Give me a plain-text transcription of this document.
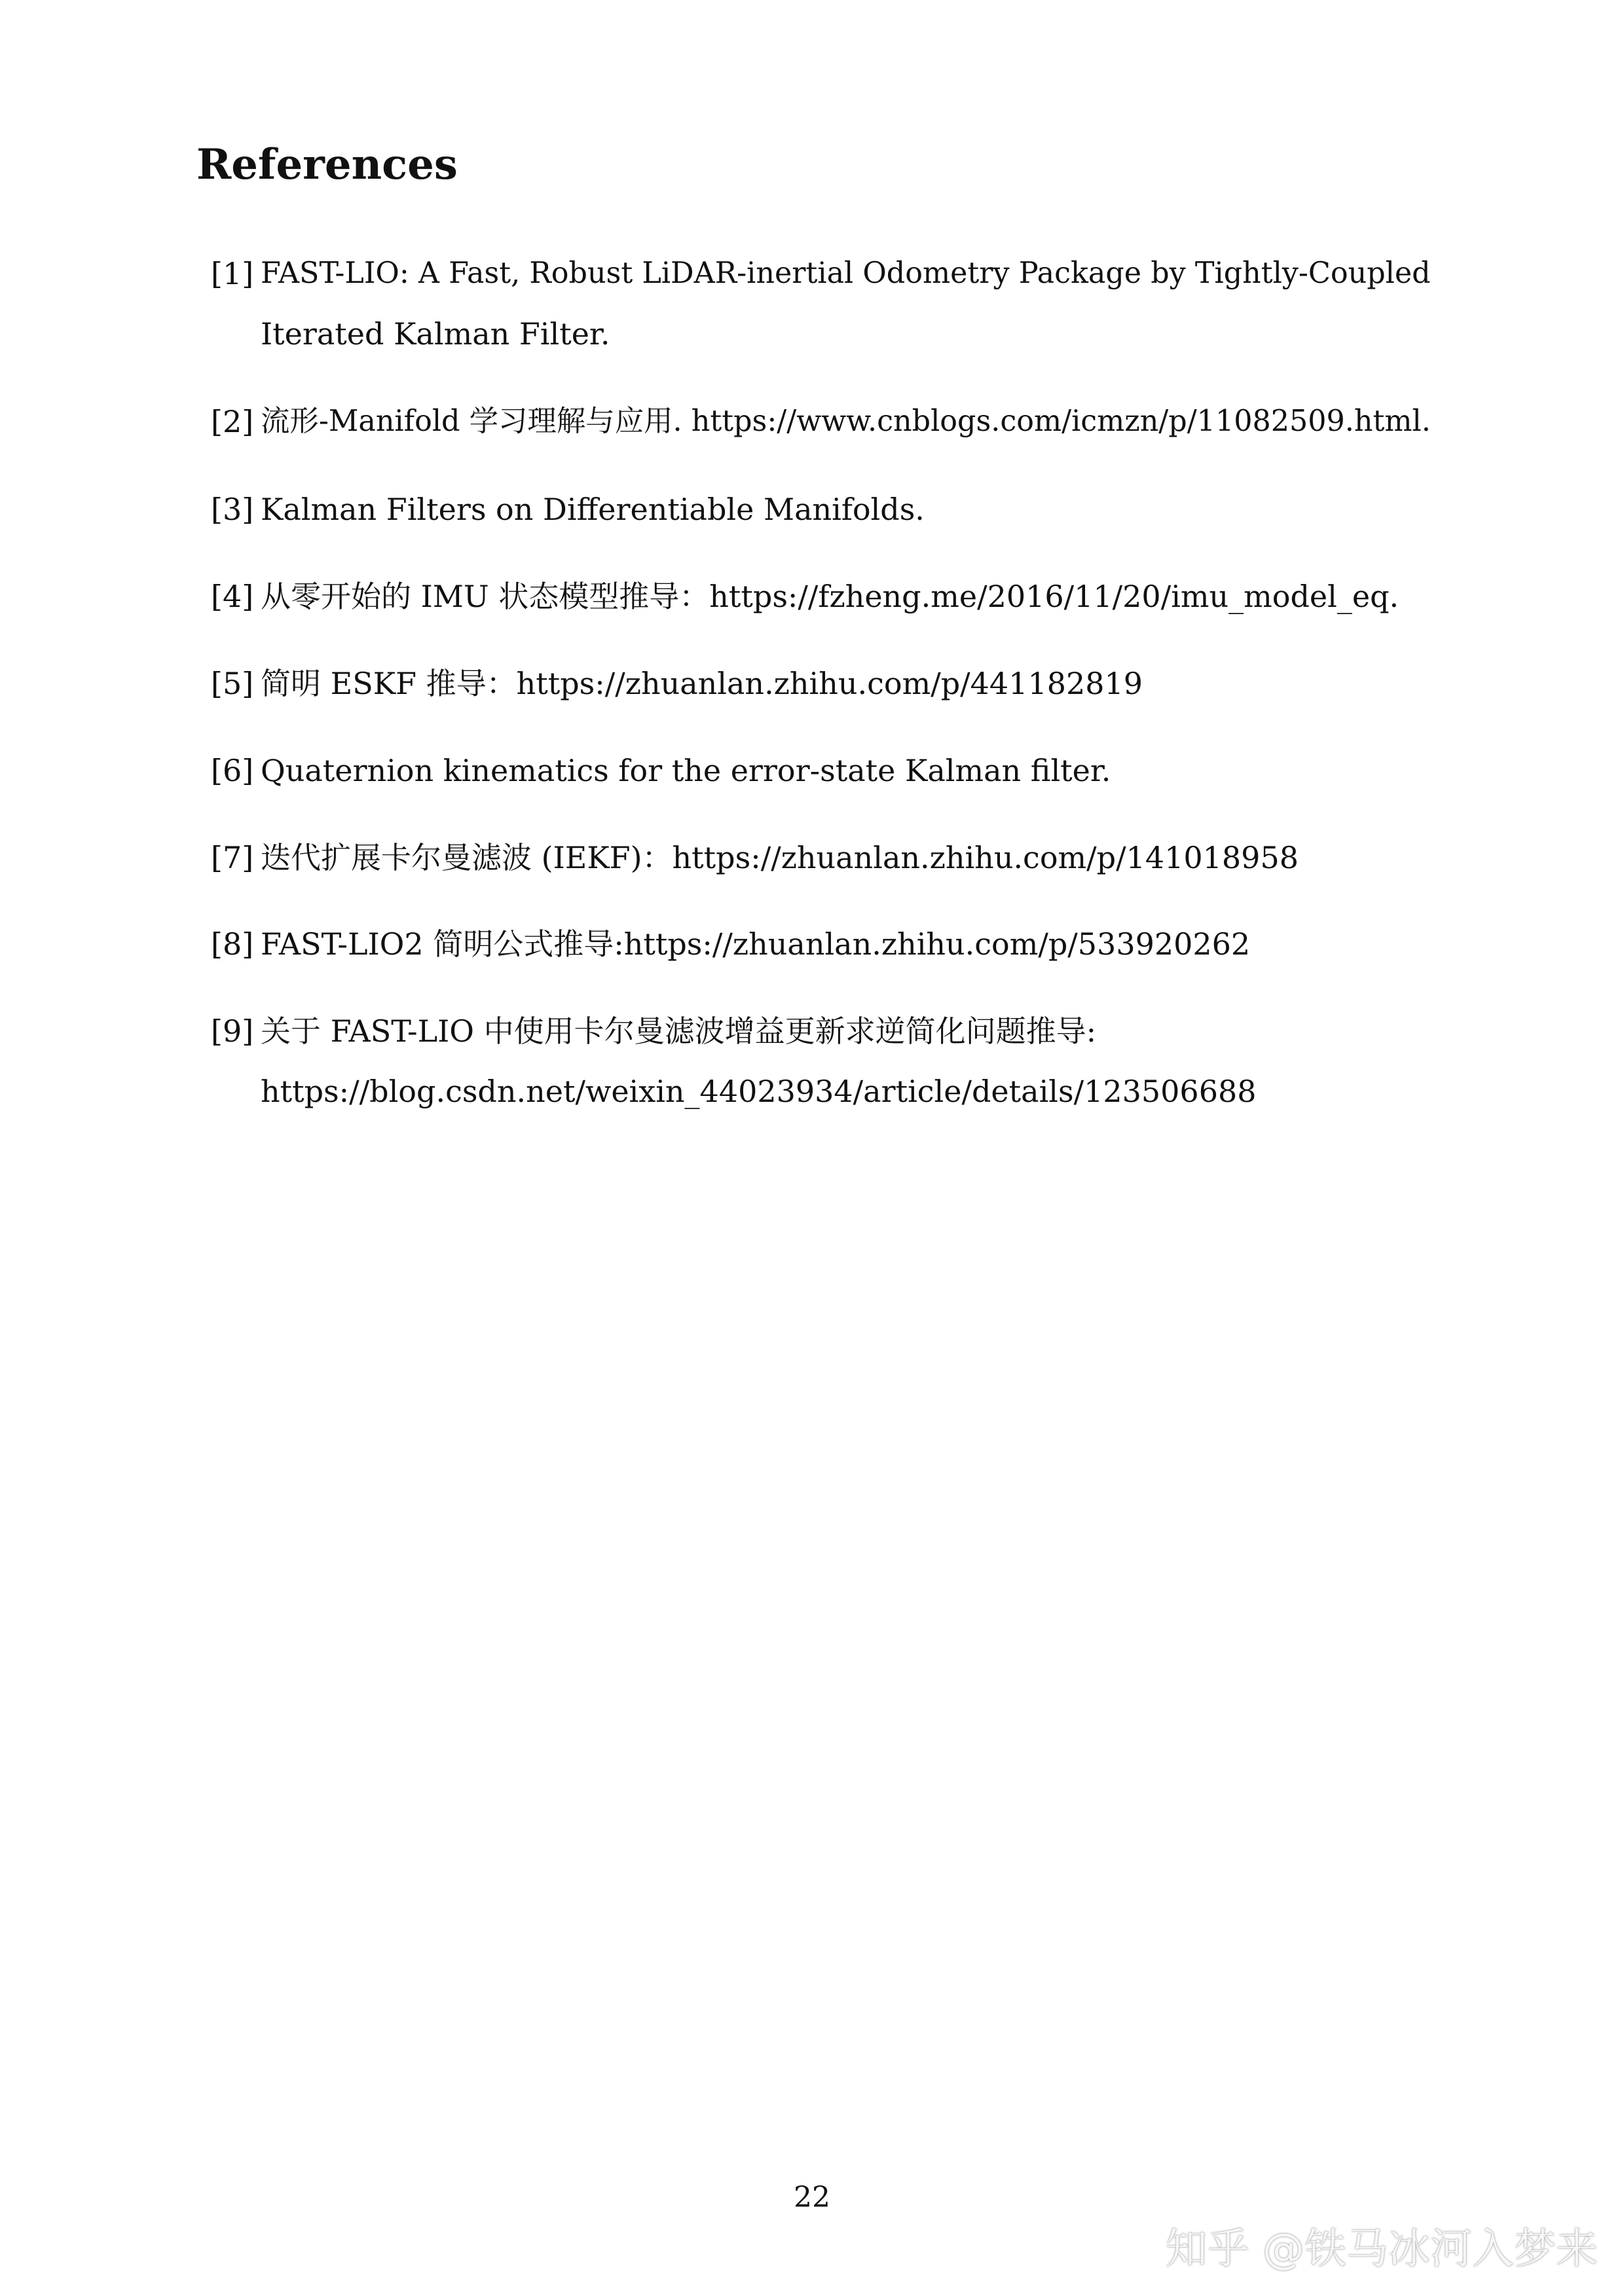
References
[1] FAST-LIO: A Fast, Robust LiDAR-inertial Odometry Package by Tightly-Coupled
Iterated Kalman Filter.
[2] 流形-Manifold 学习理解与应用. https://www.cnblogs.com/icmzn/p/11082509.html.
[3] Kalman Filters on Differentiable Manifolds.
[4] 从零开始的 IMU 状态模型推导：https://fzheng.me/2016/11/20/imu_model_eq.
[5] 简明 ESKF 推导：https://zhuanlan.zhihu.com/p/441182819
[6] Quaternion kinematics for the error-state Kalman filter.
[7] 迭代扩展卡尔曼滤波 (IEKF)：https://zhuanlan.zhihu.com/p/141018958
[8] FAST-LIO2 简明公式推导:https://zhuanlan.zhihu.com/p/533920262
[9] 关于 FAST-LIO 中使用卡尔曼滤波增益更新求逆简化问题推导:
https://blog.csdn.net/weixin_44023934/article/details/123506688
22
知乎 @铁马冰河入梦来
